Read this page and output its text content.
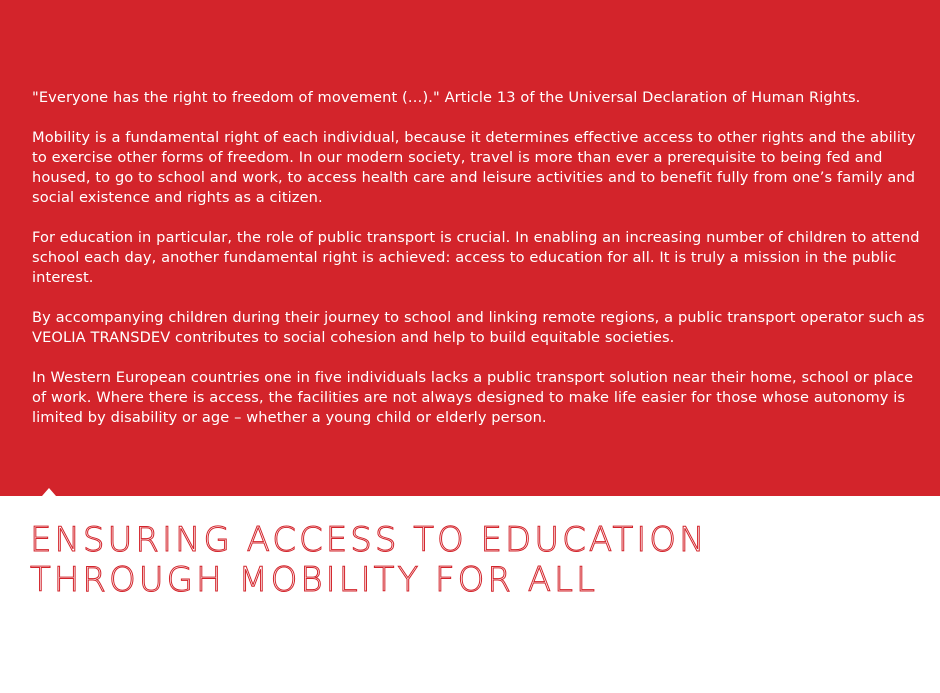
"Everyone has the right to freedom of movement (…)." Article 13 of the Universal Declaration of Human Rights.

Mobility is a fundamental right of each individual, because it determines effective access to other rights and the ability to exercise other forms of freedom. In our modern society, travel is more than ever a prerequisite to being fed and housed, to go to school and work, to access health care and leisure activities and to benefit fully from one’s family and social existence and rights as a citizen.

For education in particular, the role of public transport is crucial. In enabling an increasing number of children to attend school each day, another fundamental right is achieved: access to education for all. It is truly a mission in the public interest.

By accompanying children during their journey to school and linking remote regions, a public transport operator such as VEOLIA TRANSDEV contributes to social cohesion and help to build equitable societies.

In Western European countries one in five individuals lacks a public transport solution near their home, school or place of work. Where there is access, the facilities are not always designed to make life easier for those whose autonomy is limited by disability or age – whether a young child or elderly person.

ENSURING ACCESS TO EDUCATION
THROUGH MOBILITY FOR ALL
